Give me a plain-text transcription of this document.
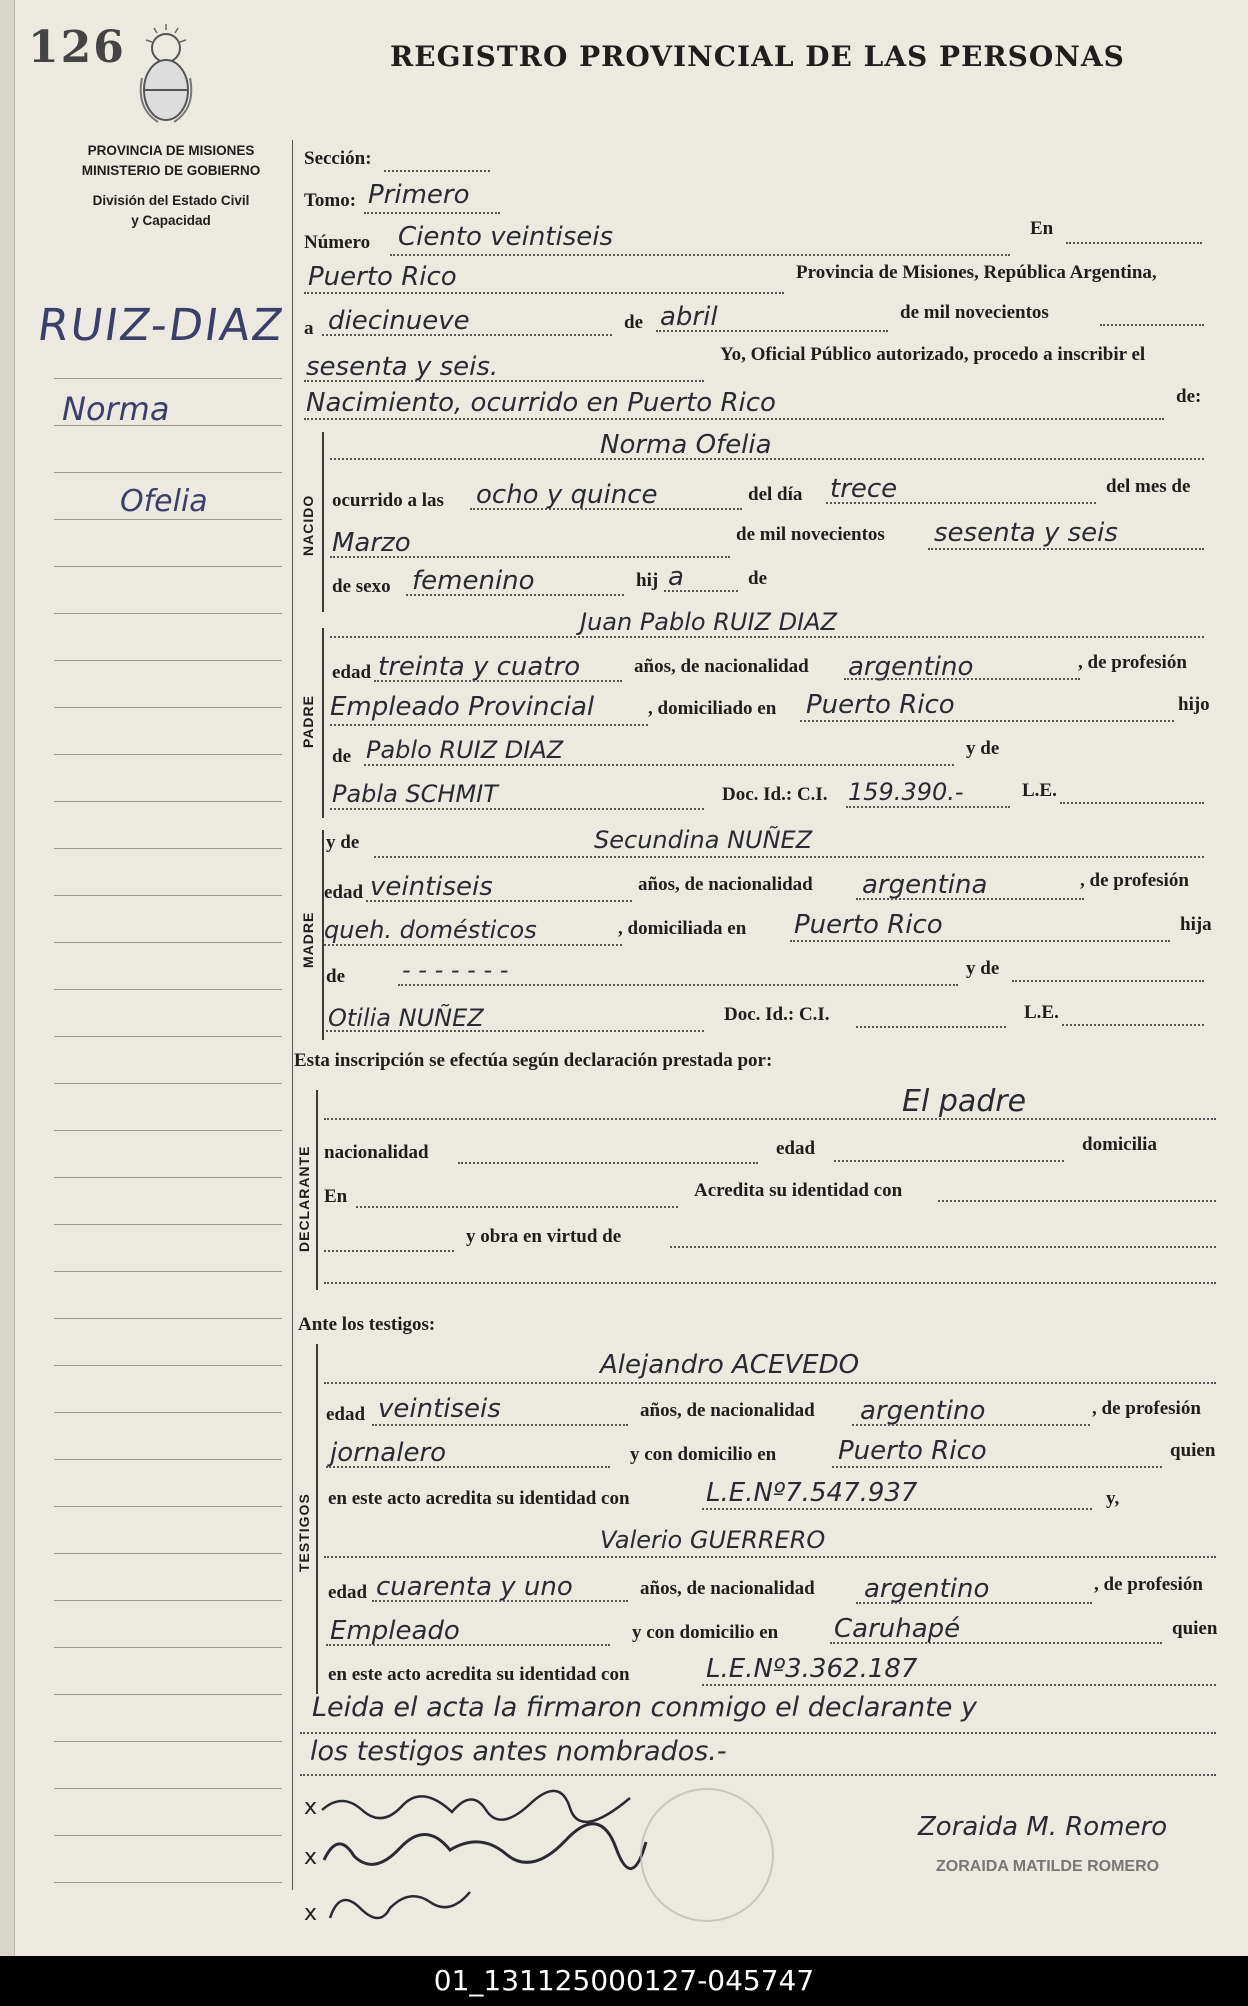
126	REGISTRO PROVINCIAL DE LAS PERSONAS
PROVINCIA DE MISIONES
MINISTERIO DE GOBIERNO
División del Estado Civil
y Capacidad
RUIZ-DIAZ
Norma
Ofelia
Sección:
Tomo: Primero
Número Ciento veintiseis	En
Puerto Rico	Provincia de Misiones, República Argentina,
a diecinueve	de abril	de mil novecientos
sesenta y seis.	Yo, Oficial Público autorizado, procedo a inscribir el
Nacimiento, ocurrido en Puerto Rico	de:
NACIDO
Norma Ofelia
ocurrido a las ocho y quince	del día trece	del mes de
Marzo	de mil novecientos sesenta y seis
de sexo femenino	hij a	de
PADRE
Juan Pablo RUIZ DIAZ
edad treinta y cuatro	años, de nacionalidad argentino	, de profesión
Empleado Provincial	, domiciliado en Puerto Rico	hijo
de Pablo RUIZ DIAZ	y de
Pabla SCHMIT	Doc. Id.: C.I. 159.390.-	L.E.
MADRE
y de	Secundina NUÑEZ
edad veintiseis	años, de nacionalidad argentina	, de profesión
queh. domésticos	, domiciliada en Puerto Rico	hija
de - - - - - - -	y de
Otilia NUÑEZ	Doc. Id.: C.I.	L.E.
Esta inscripción se efectúa según declaración prestada por:
DECLARANTE
El padre
nacionalidad	edad	domicilia
En	Acredita su identidad con
y obra en virtud de
Ante los testigos:
TESTIGOS
Alejandro ACEVEDO
edad veintiseis	años, de nacionalidad argentino	, de profesión
jornalero	y con domicilio en Puerto Rico	quien
en este acto acredita su identidad con	L.E.Nº7.547.937	y,
Valerio GUERRERO
edad cuarenta y uno	años, de nacionalidad argentino	, de profesión
Empleado	y con domicilio en Caruhapé	quien
en este acto acredita su identidad con	L.E.Nº3.362.187
Leida el acta la firmaron conmigo el declarante y
los testigos antes nombrados.-
x
x
x
Zoraida M. Romero
ZORAIDA MATILDE ROMERO
01_131125000127-045747
